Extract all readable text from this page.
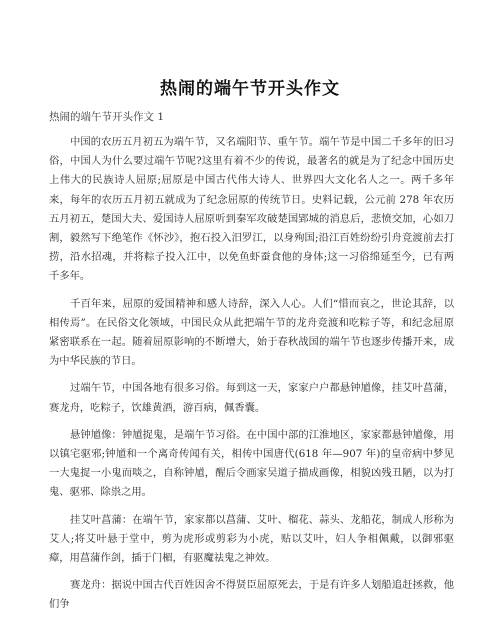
热闹的端午节开头作文
热闹的端午节开头作文 1

中国的农历五月初五为端午节，又名端阳节、重午节。端午节是中国二千多年的旧习俗，中国人为什么要过端午节呢?这里有着不少的传说，最著名的就是为了纪念中国历史上伟大的民族诗人屈原;屈原是中国古代伟大诗人、世界四大文化名人之一。两千多年来，每年的农历五月初五就成为了纪念屈原的传统节日。史料记载，公元前 278 年农历五月初五，楚国大夫、爱国诗人屈原听到秦军攻破楚国郢城的消息后，悲愤交加，心如刀割，毅然写下绝笔作《怀沙》，抱石投入汨罗江，以身殉国;沿江百姓纷纷引舟竞渡前去打捞，沿水招魂，并将粽子投入江中，以免鱼虾蚕食他的身体;这一习俗绵延至今，已有两千多年。

千百年来，屈原的爱国精神和感人诗辞，深入人心。人们“惜而哀之，世论其辞，以相传焉”。在民俗文化领域，中国民众从此把端午节的龙舟竞渡和吃粽子等，和纪念屈原紧密联系在一起。随着屈原影响的不断增大，始于春秋战国的端午节也逐步传播开来，成为中华民族的节日。

过端午节，中国各地有很多习俗。每到这一天，家家户户都悬钟馗像，挂艾叶菖蒲，赛龙舟，吃粽子，饮雄黄酒，游百病，佩香囊。

悬钟馗像：钟馗捉鬼，是端午节习俗。在中国中部的江淮地区，家家都悬钟馗像，用以镇宅驱邪;钟馗和一个离奇传闻有关，相传中国唐代(618 年—907 年)的皇帝病中梦见一大鬼捉一小鬼而啖之，自称钟馗，醒后令画家吴道子描成画像，相貌凶残丑陋，以为打鬼、驱邪、除祟之用。

挂艾叶菖蒲：在端午节，家家都以菖蒲、艾叶、榴花、蒜头、龙船花，制成人形称为艾人;将艾叶悬于堂中，剪为虎形或剪彩为小虎，贴以艾叶，妇人争相佩戴，以御邪驱瘴，用菖蒲作剑，插于门楣，有驱魔祛鬼之神效。

赛龙舟：据说中国古代百姓因舍不得贤臣屈原死去，于是有许多人划船追赶拯救，他们争
